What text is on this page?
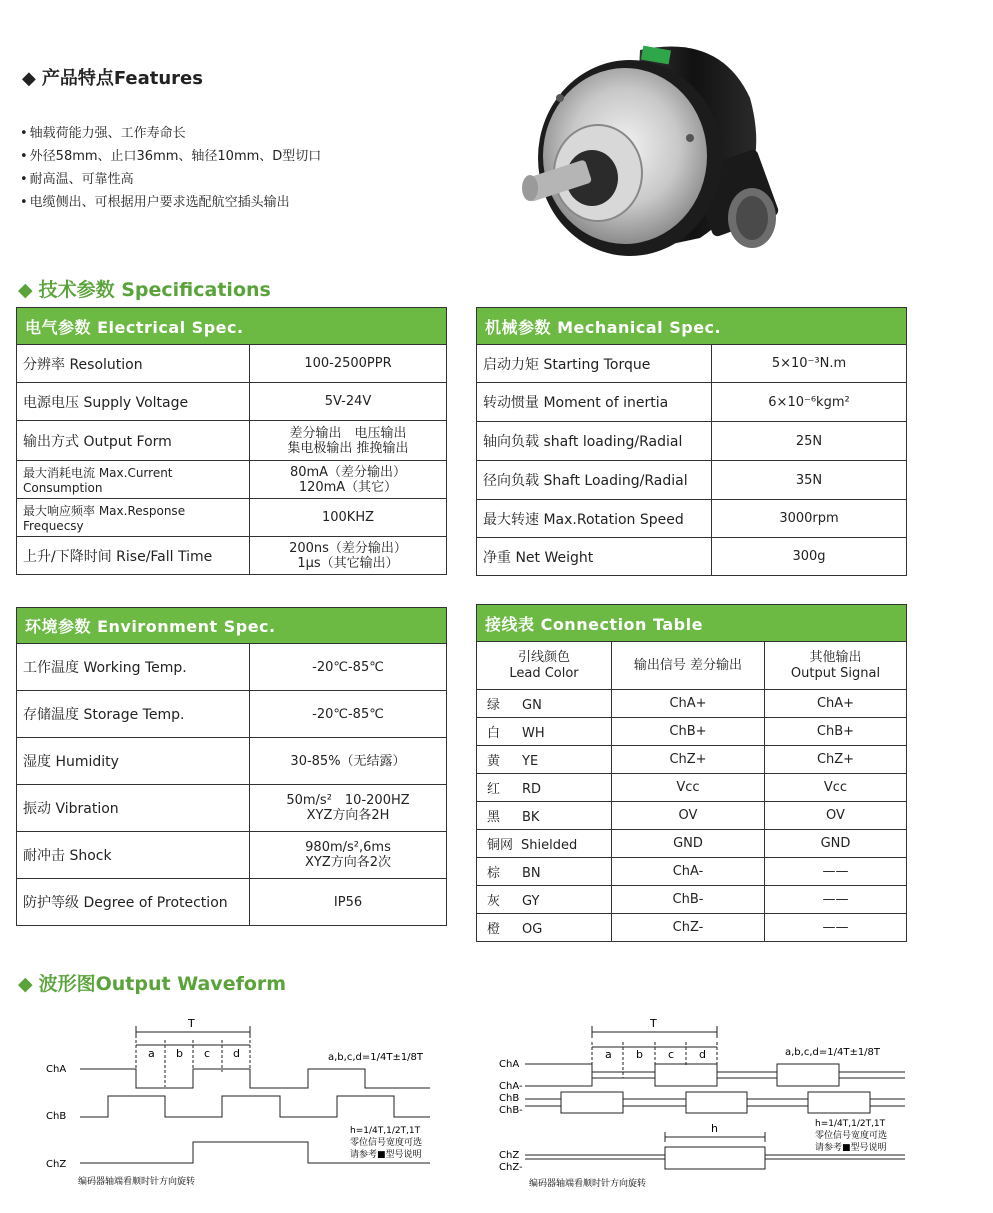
◆ 产品特点Features
• 轴载荷能力强、工作寿命长
• 外径58mm、止口36mm、轴径10mm、D型切口
• 耐高温、可靠性高
• 电缆侧出、可根据用户要求选配航空插头输出
◆ 技术参数 Specifications
电气参数 Electrical Spec.	
分辨率 Resolution	100-2500PPR
电源电压 Supply Voltage	5V-24V
输出方式 Output Form	差分输出　电压输出
集电极输出 推挽输出
最大消耗电流 Max.Current Consumption	80mA（差分输出）
120mA（其它）
最大响应频率 Max.Response Frequecsy	100KHZ
上升/下降时间 Rise/Fall Time	200ns（差分输出）
1μs（其它输出）
机械参数 Mechanical Spec.	
启动力矩 Starting Torque	5×10⁻³N.m
转动惯量 Moment of inertia	6×10⁻⁶kgm²
轴向负载 shaft loading/Radial	25N
径向负载 Shaft Loading/Radial	35N
最大转速 Max.Rotation Speed	3000rpm
净重 Net Weight	300g
环境参数 Environment Spec.	
工作温度 Working Temp.	-20℃-85℃
存储温度 Storage Temp.	-20℃-85℃
湿度 Humidity	30-85%（无结露）
振动 Vibration	50m/s²　10-200HZ
XYZ方向各2H
耐冲击 Shock	980m/s²,6ms
XYZ方向各2次
防护等级 Degree of Protection	IP56
接线表 Connection Table		
引线颜色
Lead Color	输出信号 差分输出	其他输出
Output Signal
绿 GN	ChA+	ChA+
白 WH	ChB+	ChB+
黄 YE	ChZ+	ChZ+
红 RD	Vcc	Vcc
黑 BK	OV	OV
铜网 Shielded	GND	GND
棕 BN	ChA-	——
灰 GY	ChB-	——
橙 OG	ChZ-	——
◆ 波形图Output Waveform
T
a b c d
ChA
ChB
ChZ
a,b,c,d=1/4T±1/8T
h=1/4T,1/2T,1T
零位信号宽度可选
请参考■型号说明
编码器轴端看顺时针方向旋转
T
a b c d
h
ChA
ChA-
ChB
ChB-
ChZ
ChZ-
a,b,c,d=1/4T±1/8T
h=1/4T,1/2T,1T
零位信号宽度可选
请参考■型号说明
编码器轴端看顺时针方向旋转
